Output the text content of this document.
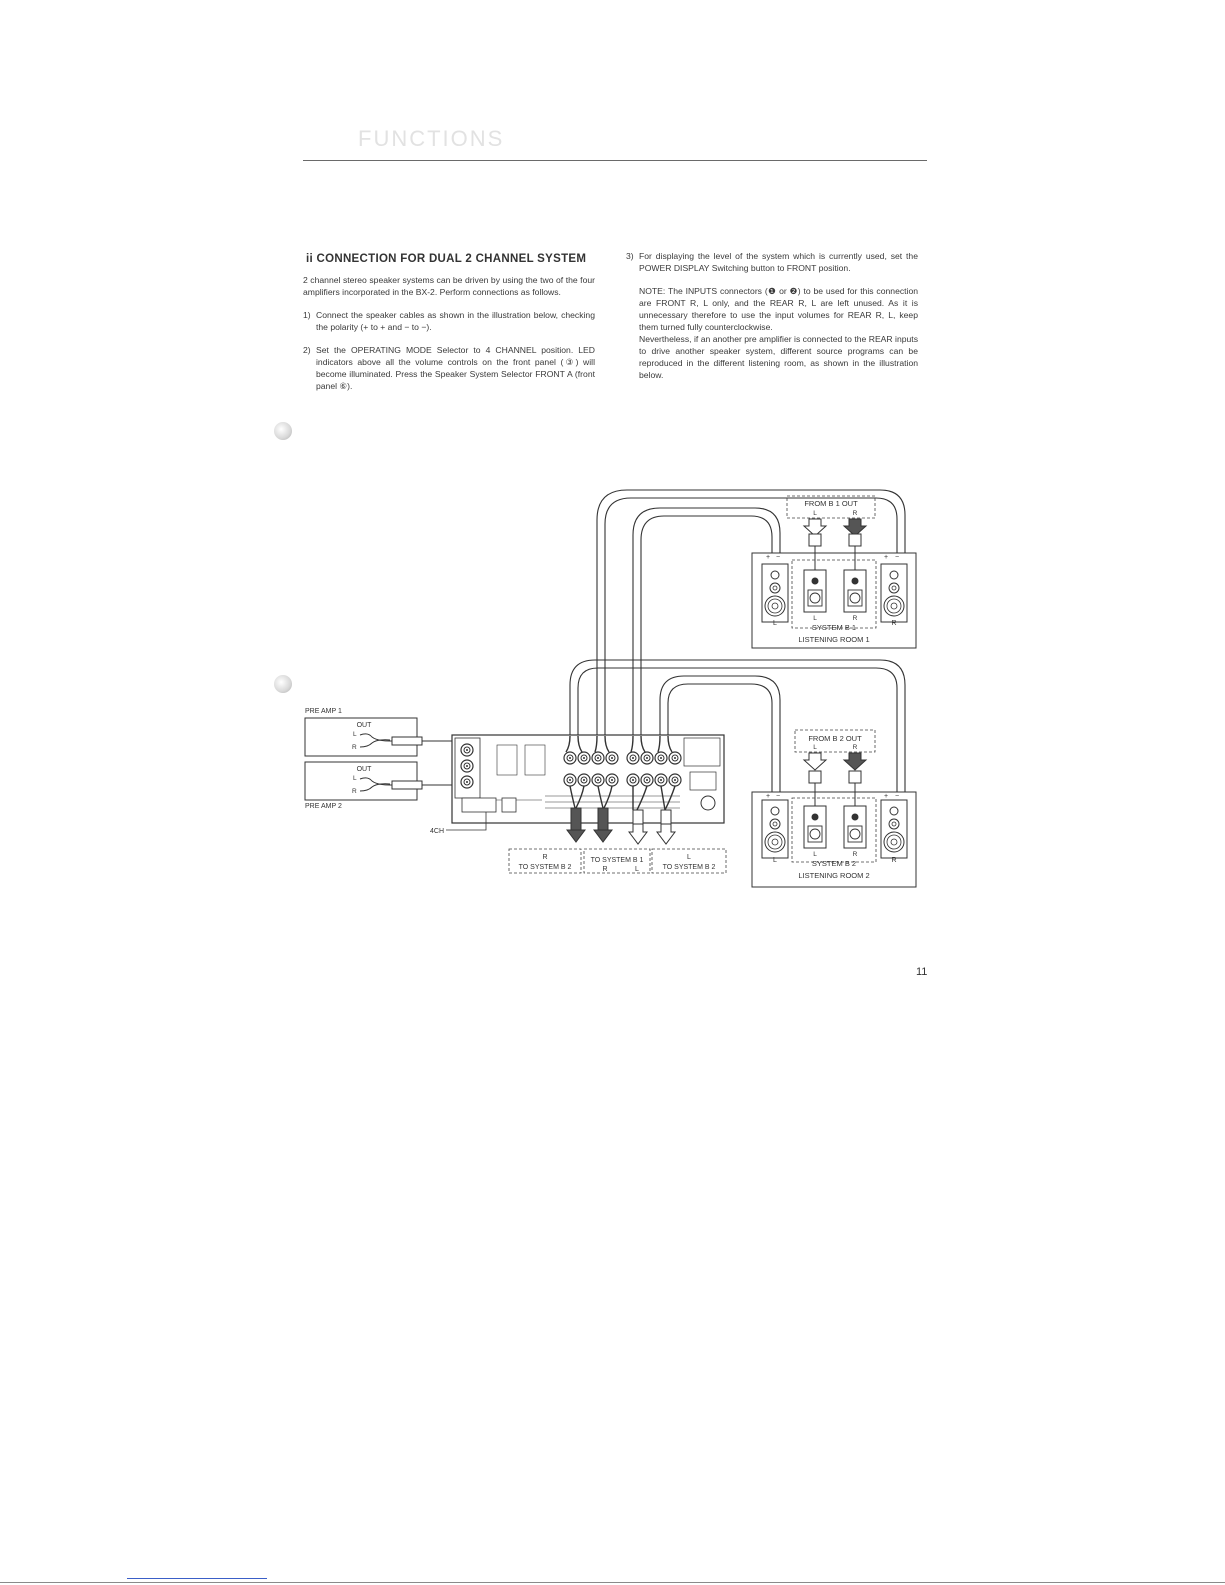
FUNCTIONS
ii CONNECTION FOR DUAL 2 CHANNEL SYSTEM

2 channel stereo speaker systems can be driven by using the two of the four amplifiers incorporated in the BX-2. Perform connections as follows.

1) Connect the speaker cables as shown in the illustration below, checking the polarity (+ to + and − to −).
2) Set the OPERATING MODE Selector to 4 CHANNEL position. LED indicators above all the volume controls on the front panel (③) will become illuminated. Press the Speaker System Selector FRONT A (front panel ⑥).
3) For displaying the level of the system which is currently used, set the POWER DISPLAY Switching button to FRONT position.

NOTE: The INPUTS connectors (❶ or ❷) to be used for this connection are FRONT R, L only, and the REAR R, L are left unused. As it is unnecessary therefore to use the input volumes for REAR R, L, keep them turned fully counterclockwise.

Nevertheless, if an another pre amplifier is connected to the REAR inputs to drive another speaker system, different source programs can be reproduced in the different listening room, as shown in the illustration below.

FROM B 1 OUT
L	R
+ −	+ −
L	R
L	R
SYSTEM B 1
LISTENING ROOM 1
FROM B 2 OUT
L	R
+ −	+ −
L	R
L	R
SYSTEM B 2
LISTENING ROOM 2
PRE AMP 1
OUT
L
R
OUT
L
R
PRE AMP 2
4CH
R
TO SYSTEM B 2
TO SYSTEM B 1
R	L
L
TO SYSTEM B 2
11
